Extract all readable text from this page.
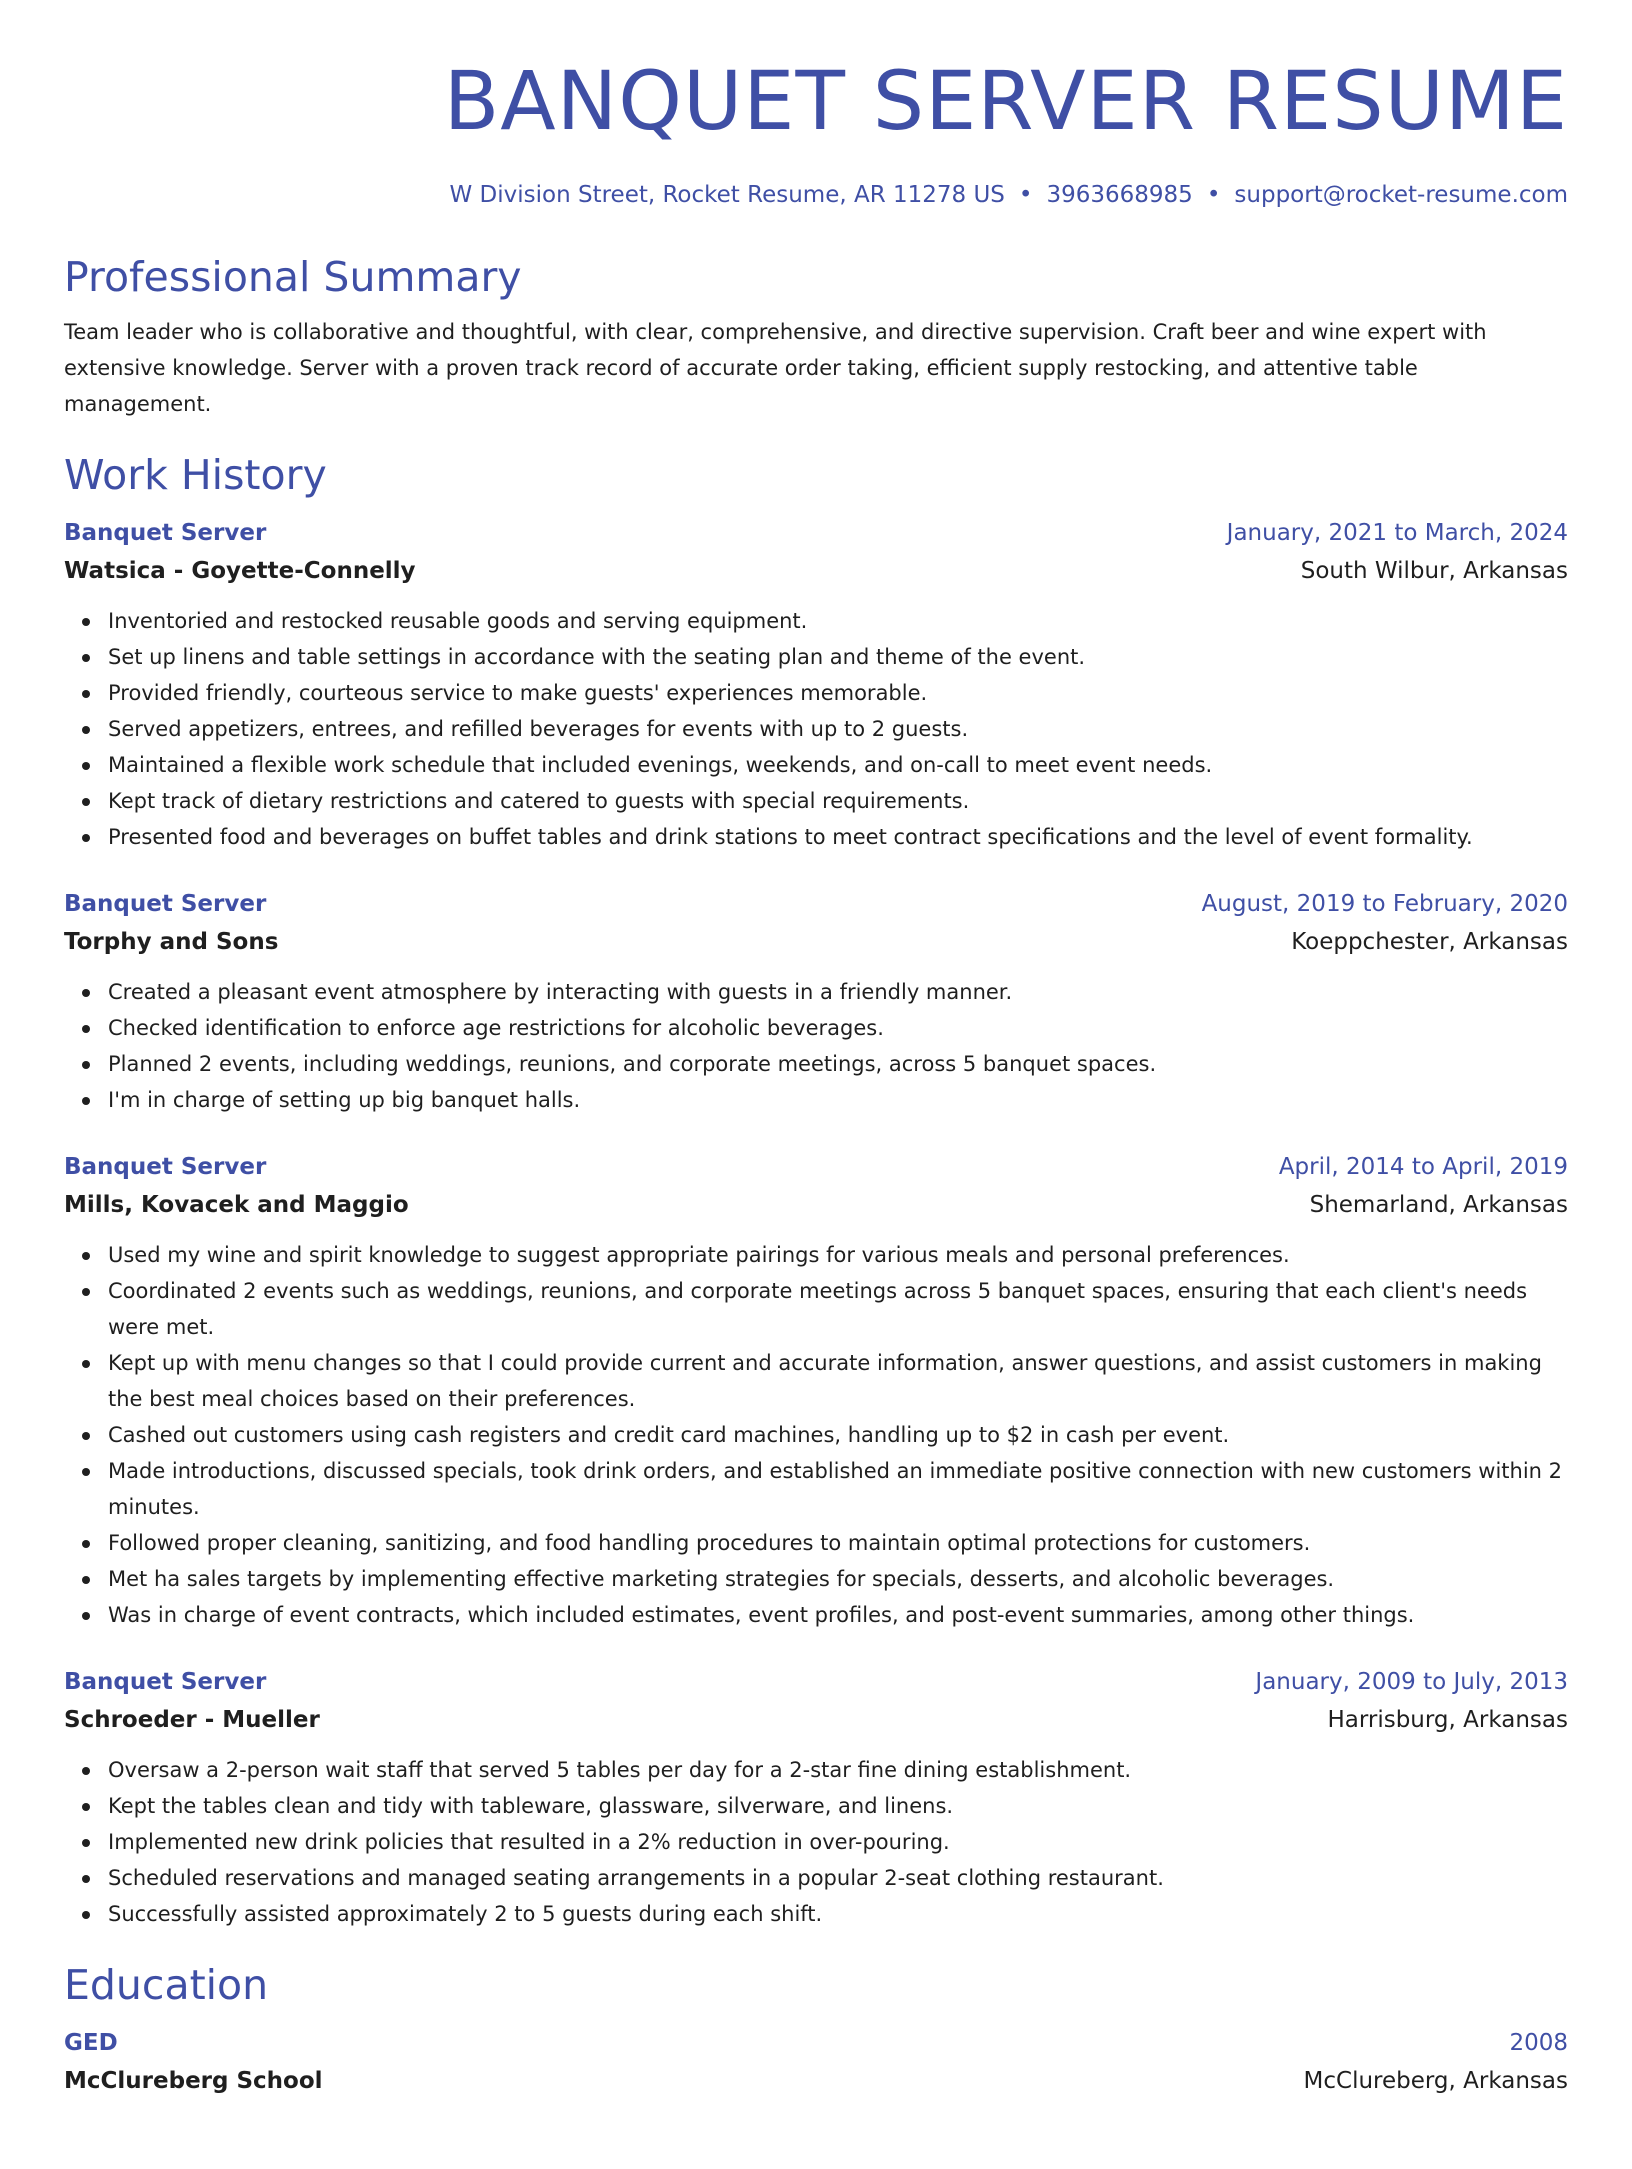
BANQUET SERVER RESUME
W Division Street, Rocket Resume, AR 11278 US • 3963668985 • support@rocket-resume.com
Professional Summary
Team leader who is collaborative and thoughtful, with clear, comprehensive, and directive supervision. Craft beer and wine expert with extensive knowledge. Server with a proven track record of accurate order taking, efficient supply restocking, and attentive table management.
Work History
Banquet Server	January, 2021 to March, 2024
Watsica - Goyette-Connelly	South Wilbur, Arkansas
Inventoried and restocked reusable goods and serving equipment.
Set up linens and table settings in accordance with the seating plan and theme of the event.
Provided friendly, courteous service to make guests' experiences memorable.
Served appetizers, entrees, and refilled beverages for events with up to 2 guests.
Maintained a flexible work schedule that included evenings, weekends, and on-call to meet event needs.
Kept track of dietary restrictions and catered to guests with special requirements.
Presented food and beverages on buffet tables and drink stations to meet contract specifications and the level of event formality.
Banquet Server	August, 2019 to February, 2020
Torphy and Sons	Koeppchester, Arkansas
Created a pleasant event atmosphere by interacting with guests in a friendly manner.
Checked identification to enforce age restrictions for alcoholic beverages.
Planned 2 events, including weddings, reunions, and corporate meetings, across 5 banquet spaces.
I'm in charge of setting up big banquet halls.
Banquet Server	April, 2014 to April, 2019
Mills, Kovacek and Maggio	Shemarland, Arkansas
Used my wine and spirit knowledge to suggest appropriate pairings for various meals and personal preferences.
Coordinated 2 events such as weddings, reunions, and corporate meetings across 5 banquet spaces, ensuring that each client's needs were met.
Kept up with menu changes so that I could provide current and accurate information, answer questions, and assist customers in making the best meal choices based on their preferences.
Cashed out customers using cash registers and credit card machines, handling up to $2 in cash per event.
Made introductions, discussed specials, took drink orders, and established an immediate positive connection with new customers within 2 minutes.
Followed proper cleaning, sanitizing, and food handling procedures to maintain optimal protections for customers.
Met ha sales targets by implementing effective marketing strategies for specials, desserts, and alcoholic beverages.
Was in charge of event contracts, which included estimates, event profiles, and post-event summaries, among other things.
Banquet Server	January, 2009 to July, 2013
Schroeder - Mueller	Harrisburg, Arkansas
Oversaw a 2-person wait staff that served 5 tables per day for a 2-star fine dining establishment.
Kept the tables clean and tidy with tableware, glassware, silverware, and linens.
Implemented new drink policies that resulted in a 2% reduction in over-pouring.
Scheduled reservations and managed seating arrangements in a popular 2-seat clothing restaurant.
Successfully assisted approximately 2 to 5 guests during each shift.
Education
GED	2008
McClureberg School	McClureberg, Arkansas
